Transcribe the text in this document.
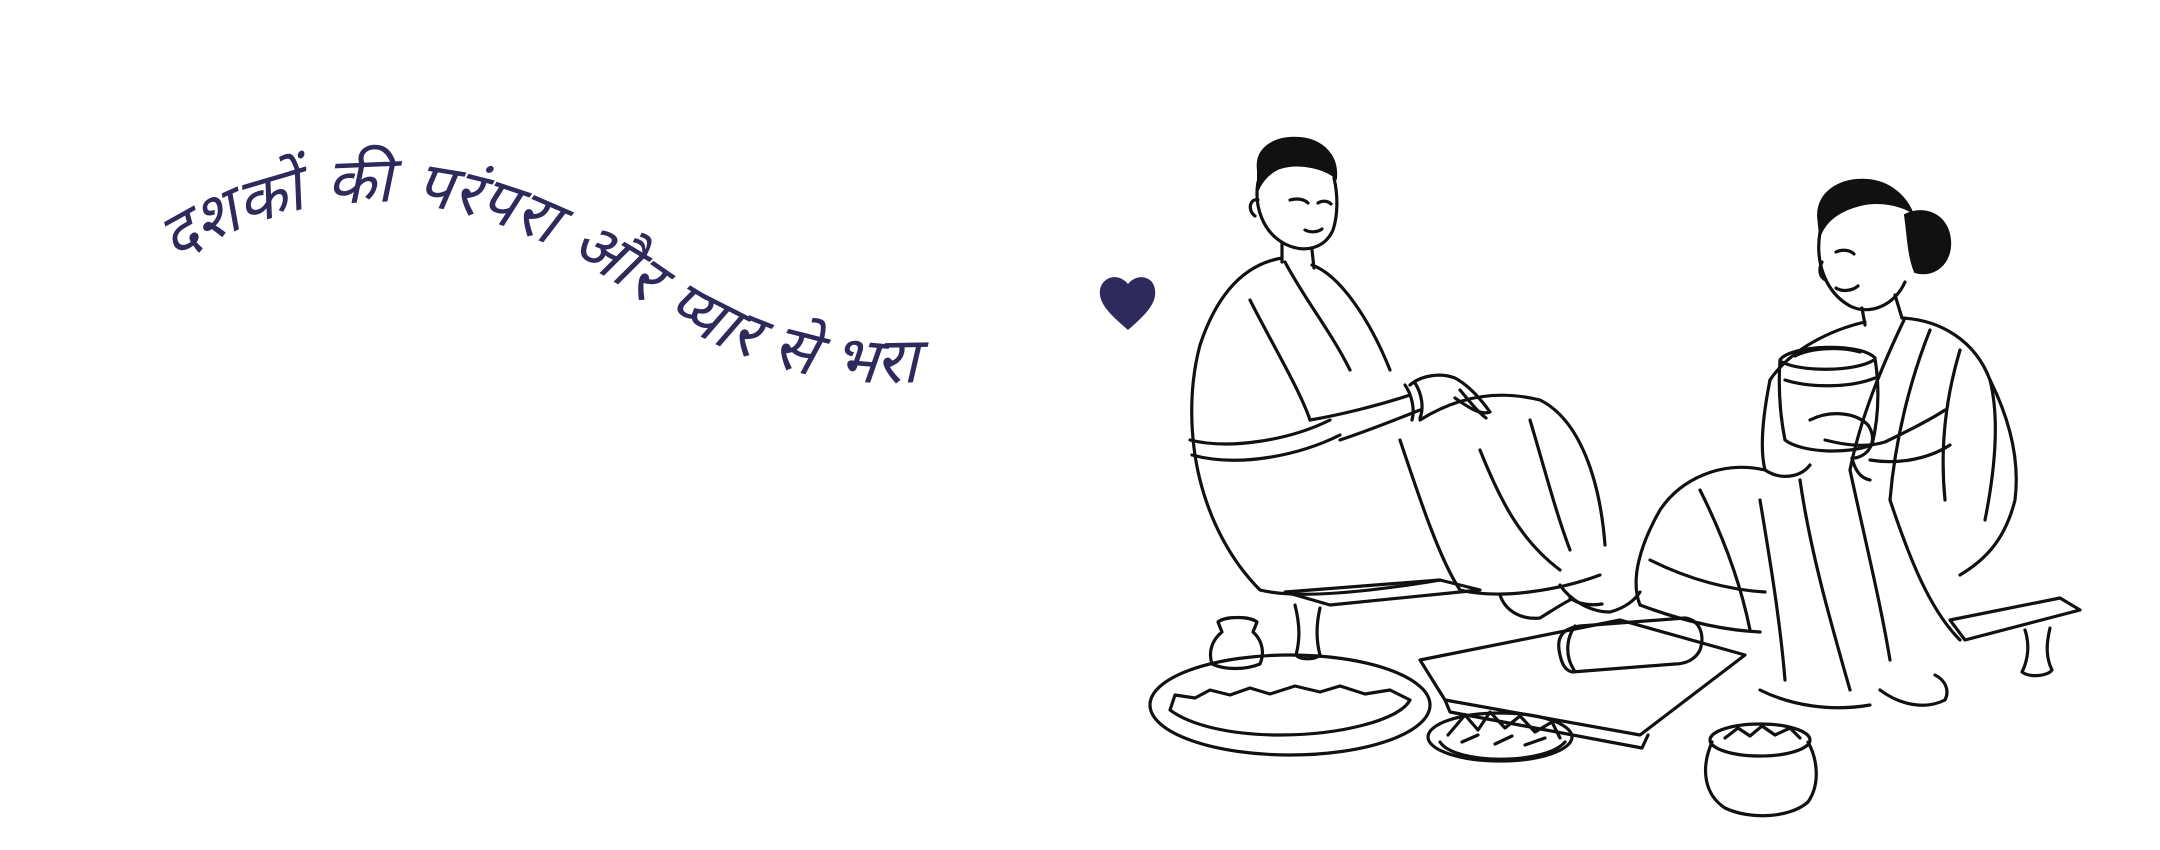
दशकों की परंपरा और प्यार से भरा
